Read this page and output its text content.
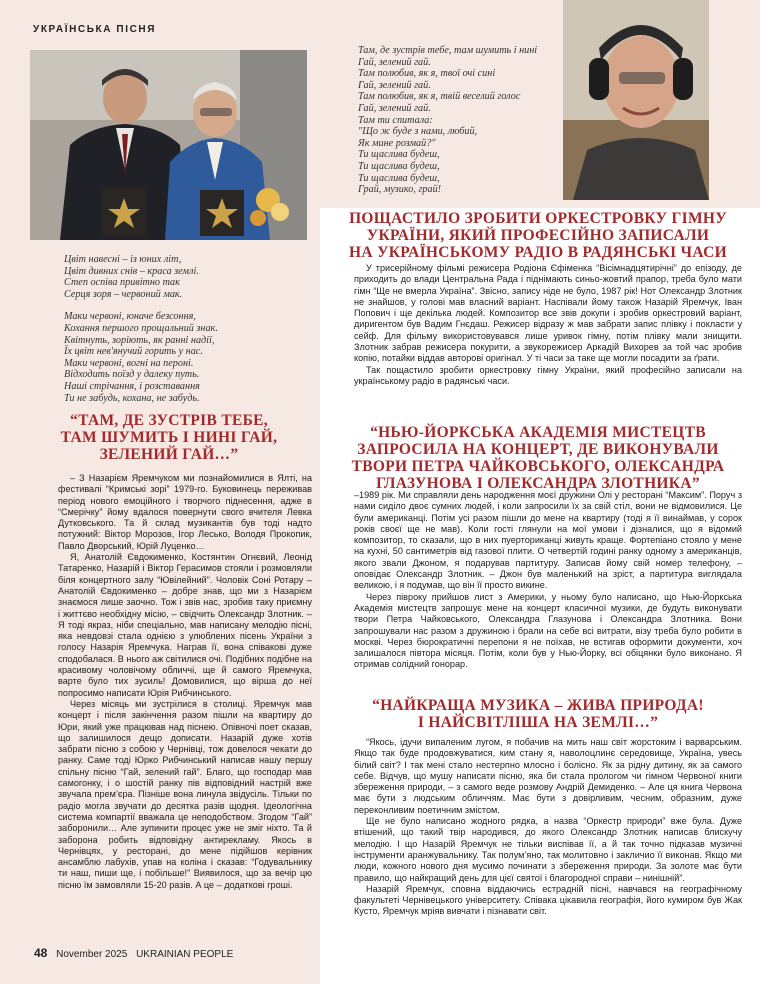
УКРАЇНСЬКА ПІСНЯ
Там, де зустрів тебе, там шумить і нині
Гай, зелений гай.
Там полюбив, як я, твої очі сині
Гай, зелений гай.
Там полюбив, як я, твій веселий голос
Гай, зелений гай.
Там ти спитала:
"Що ж буде з нами, любий,
Як мине розмай?"
Ти щаслива будеш,
Ти щаслива будеш,
Ти щаслива будеш,
Грай, музико, грай!
Цвіт навесні – із юних літ,
Цвіт дивних снів – краса землі.
Степ оспіва привітно так
Серця зоря – червоний мак.
Маки червоні, юначе безсоння,
Кохання першого прощальний знак.
Квітнуть, зоріють, як ранні надії,
Їх цвіт нев'янучий горить у нас.
Маки червоні, вогні на пероні.
Відходить поїзд у далеку путь.
Наші стрічання, і розставання
Ти не забудь, кохана, не забудь.
ПОЩАСТИЛО ЗРОБИТИ ОРКЕСТРОВКУ ГІМНУ
УКРАЇНИ, ЯКИЙ ПРОФЕСІЙНО ЗАПИСАЛИ
НА УКРАЇНСЬКОМУ РАДІО В РАДЯНСЬКІ ЧАСИ
“ТАМ, ДЕ ЗУСТРІВ ТЕБЕ,
ТАМ ШУМИТЬ І НИНІ ГАЙ,
ЗЕЛЕНИЙ ГАЙ…”
“НЬЮ-ЙОРКСЬКА АКАДЕМІЯ МИСТЕЦТВ
ЗАПРОСИЛА НА КОНЦЕРТ, ДЕ ВИКОНУВАЛИ
ТВОРИ ПЕТРА ЧАЙКОВСЬКОГО, ОЛЕКСАНДРА
ГЛАЗУНОВА І ОЛЕКСАНДРА ЗЛОТНИКА”
“НАЙКРАЩА МУЗИКА – ЖИВА ПРИРОДА!
І НАЙСВІТЛІША НА ЗЕМЛІ…”

– З Назарієм Яремчуком ми познайомилися в Ялті, на фестивалі “Кримські зорі” 1979-го. Буковинець переживав період нового емоційного і творчого піднесення, адже в “Смерічку” йому вдалося повернути свого вчителя Левка Дутковського. Та й склад музикантів був тоді надто потужний: Віктор Морозов, Ігор Лесько, Володя Прокопик, Павло Дворський, Юрій Луценко…

Я, Анатолій Євдокименко, Костянтин Огнєвий, Леонід Татаренко, Назарій і Віктор Герасимов стояли і розмовляли біля концертного залу “Ювілейний”. Чоловік Соні Ротару – Анатолій Євдокименко – добре знав, що ми з Назарієм знаємося лише заочно. Тож і звів нас, зробив таку приємну і життєво необхідну місію, – свідчить Олександр Злотник. – Я тоді якраз, ніби спеціально, мав написану мелодію пісні, яка невдовзі стала однією з улюблених пісень України з голосу Назарія Яремчука. Награв її, вона співакові дуже сподобалася. В нього аж світилися очі. Подібних подібне на красивому чоловічому обличчі, ще й самого Яремчука, варте було тих зусиль! Домовилися, що вірша до неї попросимо написати Юрія Рибчинського.

Через місяць ми зустрілися в столиці. Яремчук мав концерт і після закінчення разом пішли на квартиру до Юри, який уже працював над піснею. Опівночі поет сказав, що залишилося дещо дописати. Назарій дуже хотів забрати пісню з собою у Чернівці, тож довелося чекати до ранку. Саме тоді Юрко Рибчинський написав нашу першу спільну пісню “Гай, зелений гай”. Благо, що господар мав самогонку, і о шостій ранку пів відповідний настрій вже звучала прем’єра. Пізніше вона линула звідусіль. Тільки по радіо могла звучати до десятка разів щодня. Ідеологічна система компартії вважала це неподобством. Згодом “Гай” заборонили… Але зупинити процес уже не зміг ніхто. Та й заборона робить відповідну антирекламу. Якось в Чернівцях, у ресторані, до мене підійшов керівник ансамблю лабухів, упав на коліна і сказав: “Годувальнику ти наш, пиши ще, і побільше!” Виявилося, що за вечір цю пісню їм замовляли 15-20 разів. А це – додаткові гроші.

У трисерійному фільмі режисера Родіона Єфіменка “Вісімнадцятирічні” до епізоду, де приходить до влади Центральна Рада і піднімають синьо-жовтий прапор, треба було мати гімн “Ще не вмерла Україна”. Звісно, запису ніде не було, 1987 рік! Нот Олександр Злотник не знайшов, у голові мав власний варіант. Наспівали йому також Назарій Яремчук, Іван Попович і ще декілька людей. Композитор все звів докупи і зробив оркестровий варіант, диригентом був Вадим Гнєдаш. Режисер відразу ж мав забрати запис плівку і покласти у сейф. Для фільму використовувався лише уривок гімну, потім плівку мали знищити. Злотник забрав режисера покурити, а звукорежисер Аркадій Вихорев за той час зробив копію, потайки віддав авторові оригінал. У ті часи за таке ще могли посадити за ґрати.

Так пощастило зробити оркестровку гімну України, який професійно записали на українському радіо в радянські часи.

–1989 рік. Ми справляли день народження моєї дружини Олі у ресторані “Максим”. Поруч з нами сиділо двоє сумних людей, і коли запросили їх за свій стіл, вони не відмовилися. Це були американці. Потім усі разом пішли до мене на квартиру (тоді я її винаймав, у сорок років своєї ще не мав). Коли гості глянули на мої умови і дізналися, що я відомий композитор, то сказали, що в них пуерториканці живуть краще. Фортепіано стояло у мене на кухні, 50 сантиметрів від газової плити. О четвертій годині ранку одному з американців, якого звали Джоном, я подарував партитуру. Записав йому свій номер телефону, – оповідає Олександр Злотник. – Джон був маленький на зріст, а партитура виглядала великою, і я подумав, що він її просто викине.

Через півроку прийшов лист з Америки, у ньому було написано, що Нью-Йоркська Академія мистецтв запрошує мене на концерт класичної музики, де будуть виконувати твори Петра Чайковського, Олександра Глазунова і Олександра Злотника. Вони запрошували нас разом з дружиною і брали на себе всі витрати, візу треба було робити в москві. Через бюрократичні перепони я не поїхав, не встигав оформити документи, хоч залишалося півтора місяця. Потім, коли був у Нью-Йорку, всі обіцянки було виконано. Я отримав солідний гонорар.

“Якось, ідучи випаленим лугом, я побачив на мить наш світ жорстоким і варварським. Якщо так буде продовжуватися, ким стану я, наволоцлинє середовище, Україна, увесь білий світ? І так мені стало нестерпно млосно і болісно. Як за рідну дитину, як за самого себе. Відчув, що мушу написати пісню, яка би стала прологом чи гімном Червоної книги збереження природи, – з самого веде розмову Андрій Демиденко. – Але ця книга Червона має бути з людським обличчям. Має бути з довірливим, чесним, образним, дуже переконливим поетичним змістом.

Ще не було написано жодного рядка, а назва “Оркестр природи” вже була. Дуже втішений, що такий твір народився, до якого Олександр Злотник написав блискучу мелодію. І що Назарій Яремчук не тільки виспівав її, а й так точно підказав музичні інструменти аранжувальнику. Так полум’яно, так молитовно і закличио її виконав. Якщо ми люди, кожного нового дня мусимо починати з збереження природи. За золоте має бути правило, що найкращий день для цієї святої і благородної справи – нинішній”.

Назарій Яремчук, сповна віддаючись естрадній пісні, навчався на географічному факультеті Чернівецького університету. Співака цікавила географія, його кумиром був Жак Кусто, Яремчук мріяв вивчати і пізнавати світ.

48 November 2025 UKRAINIAN PEOPLE
